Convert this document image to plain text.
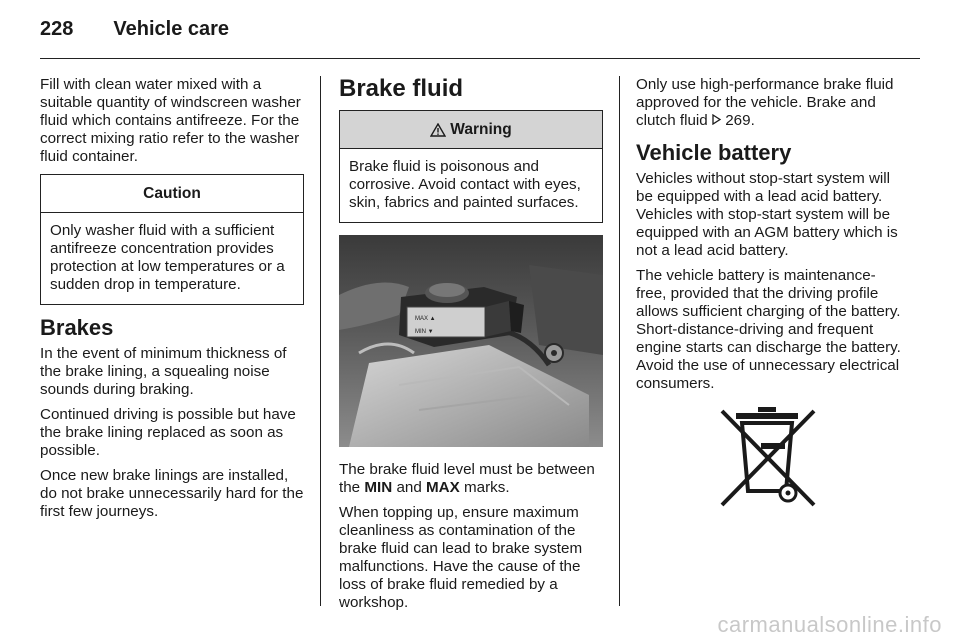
228 Vehicle care

Fill with clean water mixed with a suitable quantity of windscreen washer fluid which contains antifreeze. For the correct mixing ratio refer to the washer fluid container.

Caution
Only washer fluid with a sufficient antifreeze concentration provides protection at low temperatures or a sudden drop in temperature.
Brakes

In the event of minimum thickness of the brake lining, a squealing noise sounds during braking.

Continued driving is possible but have the brake lining replaced as soon as possible.

Once new brake linings are installed, do not brake unnecessarily hard for the first few journeys.

Brake fluid
Warning
Brake fluid is poisonous and corrosive. Avoid contact with eyes, skin, fabrics and painted surfaces.
MAX ▲
MIN ▼

The brake fluid level must be between the MIN and MAX marks.

When topping up, ensure maximum cleanliness as contamination of the brake fluid can lead to brake system malfunctions. Have the cause of the loss of brake fluid remedied by a workshop.

Only use high-performance brake fluid approved for the vehicle. Brake and clutch fluid 269.

Vehicle battery

Vehicles without stop-start system will be equipped with a lead acid battery. Vehicles with stop-start system will be equipped with an AGM battery which is not a lead acid battery.

The vehicle battery is maintenance-free, provided that the driving profile allows sufficient charging of the battery. Short-distance-driving and frequent engine starts can discharge the battery. Avoid the use of unnecessary electrical consumers.

carmanualsonline.info
